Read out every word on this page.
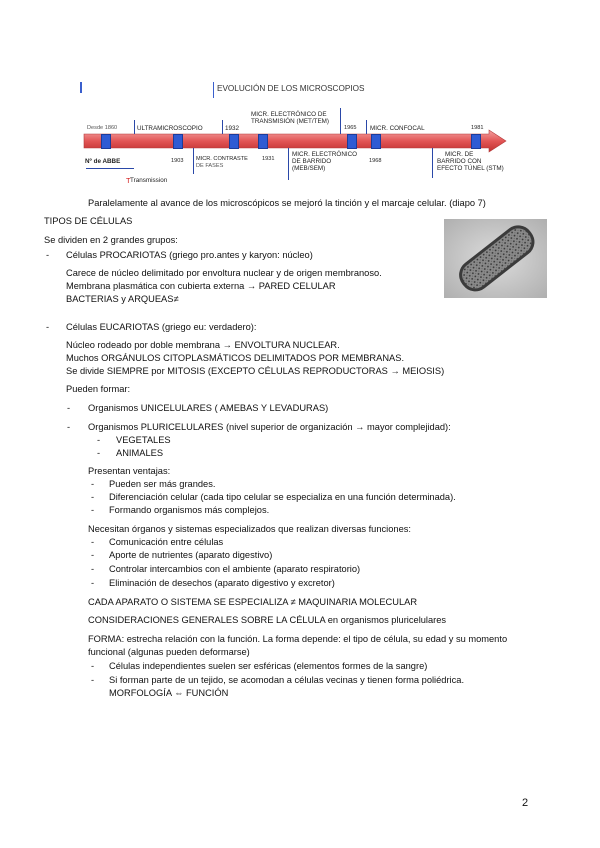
EVOLUCIÓN DE LOS MICROSCOPIOS
Desde 1860	ULTRAMICROSCOPIO	1932
MICR. ELECTRÓNICO DE
TRANSMISIÓN (MET/TEM)
1965 MICR. CONFOCAL	1981
Nº de ABBE	1903 MICR. CONTRASTE
DE FASES
1931
MICR. ELECTRÓNICO
DE BARRIDO
(MEB/SEM)
1968
MICR. DE
BARRIDO CON
EFECTO TÚNEL (STM)
T Transmission
Paralelamente al avance de los microscópicos se mejoró la tinción y el marcaje celular. (diapo 7)
TIPOS DE CÉLULAS
Se dividen en 2 grandes grupos:
- Células PROCARIOTAS (griego pro.antes y karyon: núcleo)
Carece de núcleo delimitado por envoltura nuclear y de origen membranoso.
Membrana plasmática con cubierta externa → PARED CELULAR
BACTERIAS y ARQUEAS≠
- Células EUCARIOTAS (griego eu: verdadero):
Núcleo rodeado por doble membrana → ENVOLTURA NUCLEAR.
Muchos ORGÁNULOS CITOPLASMÁTICOS DELIMITADOS POR MEMBRANAS.
Se divide SIEMPRE por MITOSIS (EXCEPTO CÉLULAS REPRODUCTORAS → MEIOSIS)
Pueden formar:
- Organismos UNICELULARES ( AMEBAS Y LEVADURAS)
- Organismos PLURICELULARES (nivel superior de organización → mayor complejidad):
- VEGETALES
- ANIMALES
Presentan ventajas:
- Pueden ser más grandes.
- Diferenciación celular (cada tipo celular se especializa en una función determinada).
- Formando organismos más complejos.
Necesitan órganos y sistemas especializados que realizan diversas funciones:
- Comunicación entre células
- Aporte de nutrientes (aparato digestivo)
- Controlar intercambios con el ambiente (aparato respiratorio)
- Eliminación de desechos (aparato digestivo y excretor)
CADA APARATO O SISTEMA SE ESPECIALIZA ≠ MAQUINARIA MOLECULAR
CONSIDERACIONES GENERALES SOBRE LA CÉLULA en organismos pluricelulares
FORMA: estrecha relación con la función. La forma depende: el tipo de célula, su edad y su momento
funcional (algunas pueden deformarse)
- Células independientes suelen ser esféricas (elementos formes de la sangre)
- Si forman parte de un tejido, se acomodan a células vecinas y tienen forma poliédrica.
MORFOLOGÍA ⇔ FUNCIÓN
2
